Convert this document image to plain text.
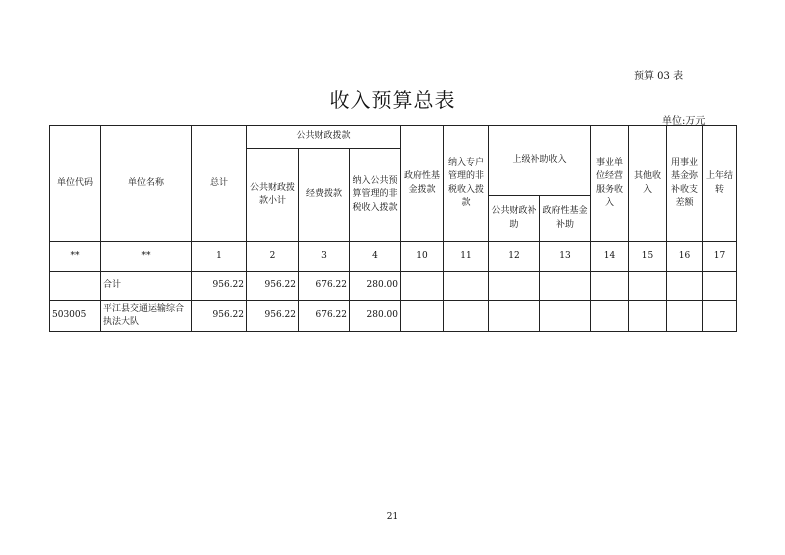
预算 03 表
收入预算总表
单位:万元
单位代码	单位名称	总计	公共财政拨款			政府性基金拨款	纳入专户管理的非税收入拨款	上级补助收入		事业单位经营服务收入	其他收入	用事业基金弥补收支差额	上年结转
			公共财政拨款小计	经费拨款	纳入公共预算管理的非税收入拨款								
								公共财政补助	政府性基金补助				
**	**	1	2	3	4	10	11	12	13	14	15	16	17
	合计	956.22	956.22	676.22	280.00								
503005	平江县交通运输综合执法大队	956.22	956.22	676.22	280.00								
21
